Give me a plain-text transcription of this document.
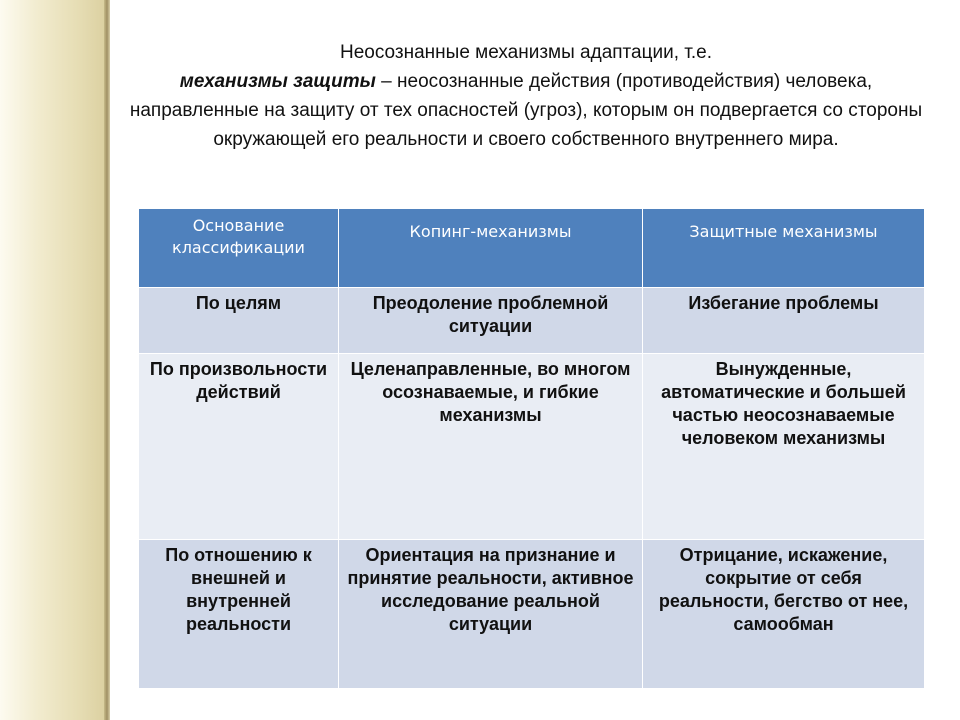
Неосознанные механизмы адаптации, т.е.
механизмы защиты – неосознанные действия (противодействия) человека, направленные на защиту от тех опасностей (угроз), которым он подвергается со стороны окружающей его реальности и своего собственного внутреннего мира.
Основание классификации	Копинг-механизмы	Защитные механизмы
По целям	Преодоление проблемной ситуации	Избегание проблемы
По произвольности действий	Целенаправленные, во многом осознаваемые, и гибкие механизмы	Вынужденные, автоматические и большей частью неосознаваемые человеком механизмы
По отношению к внешней и внутренней реальности	Ориентация на признание и принятие реальности, активное исследование реальной ситуации	Отрицание, искажение, сокрытие от себя реальности, бегство от нее, самообман
